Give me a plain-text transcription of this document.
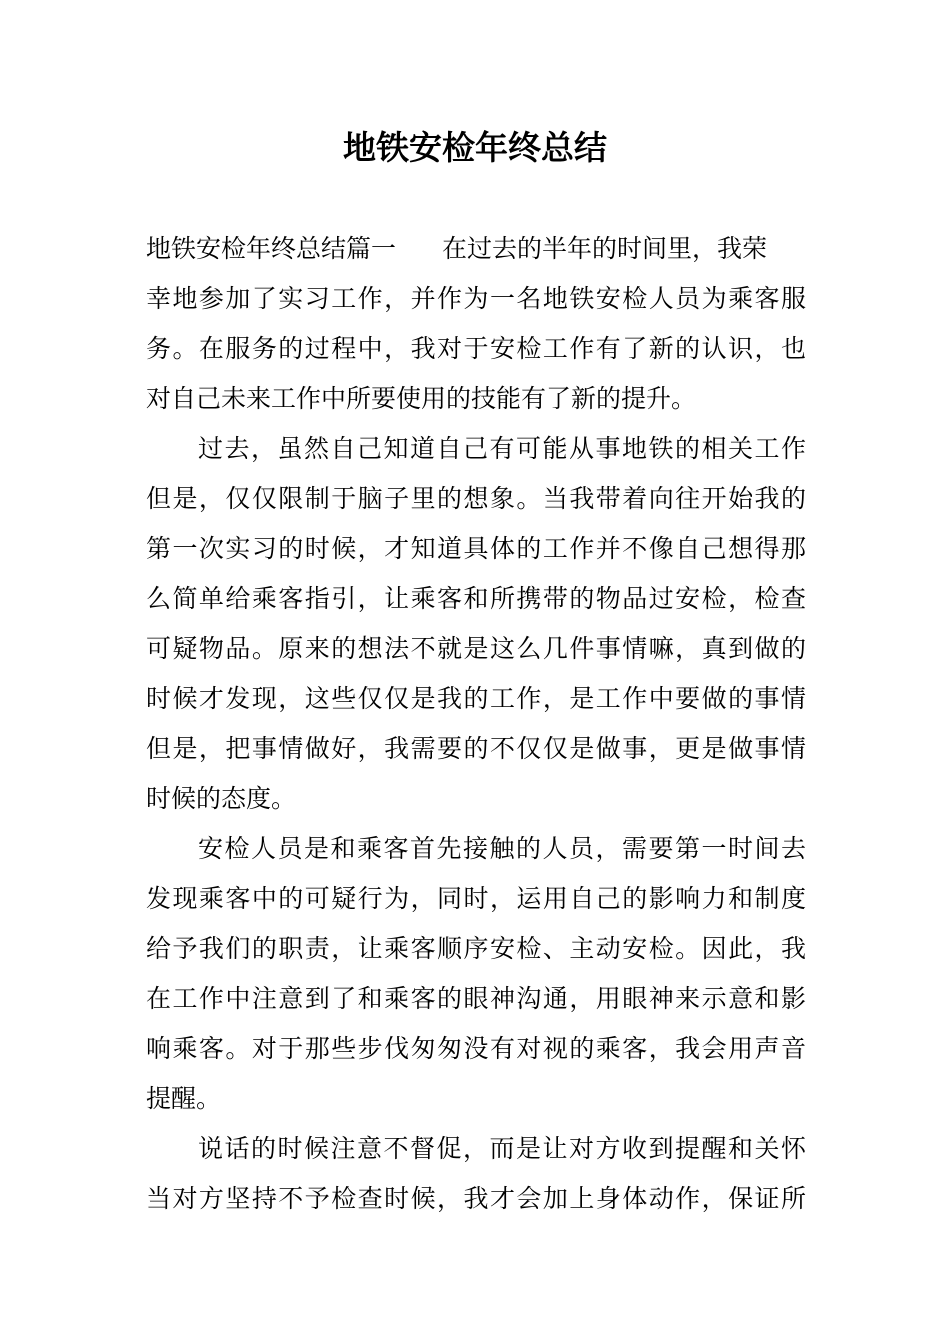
地铁安检年终总结
地铁安检年终总结篇一 在过去的半年的时间里，我荣
幸地参加了实习工作，并作为一名地铁安检人员为乘客服
务。在服务的过程中，我对于安检工作有了新的认识，也
对自己未来工作中所要使用的技能有了新的提升。
过去，虽然自己知道自己有可能从事地铁的相关工作
但是，仅仅限制于脑子里的想象。当我带着向往开始我的
第一次实习的时候，才知道具体的工作并不像自己想得那
么简单给乘客指引，让乘客和所携带的物品过安检，检查
可疑物品。原来的想法不就是这么几件事情嘛，真到做的
时候才发现，这些仅仅是我的工作，是工作中要做的事情
但是，把事情做好，我需要的不仅仅是做事，更是做事情
时候的态度。
安检人员是和乘客首先接触的人员，需要第一时间去
发现乘客中的可疑行为，同时，运用自己的影响力和制度
给予我们的职责，让乘客顺序安检、主动安检。因此，我
在工作中注意到了和乘客的眼神沟通，用眼神来示意和影
响乘客。对于那些步伐匆匆没有对视的乘客，我会用声音
提醒。
说话的时候注意不督促，而是让对方收到提醒和关怀
当对方坚持不予检查时候，我才会加上身体动作，保证所
